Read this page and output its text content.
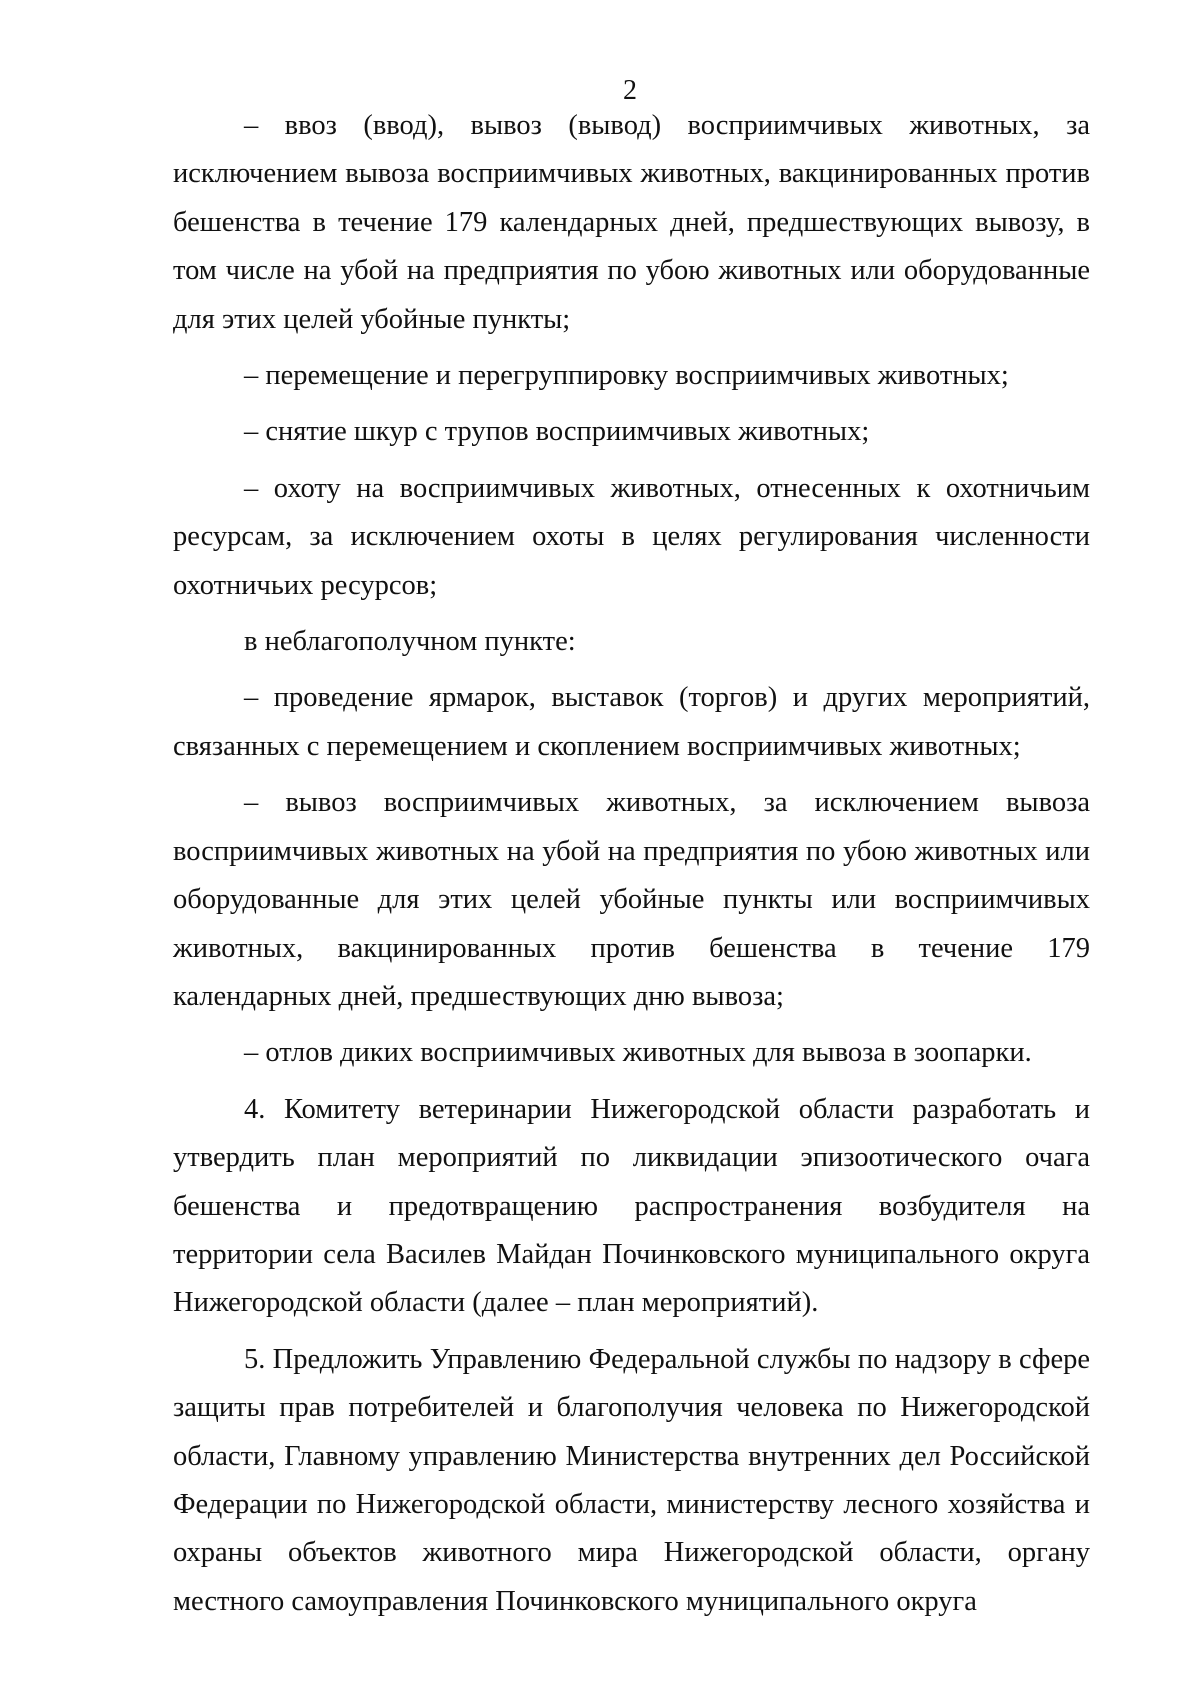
2

– ввоз (ввод), вывоз (вывод) восприимчивых животных, за исключением вывоза восприимчивых животных, вакцинированных против бешенства в течение 179 календарных дней, предшествующих вывозу, в том числе на убой на предприятия по убою животных или оборудованные для этих целей убойные пункты;

– перемещение и перегруппировку восприимчивых животных;

– снятие шкур с трупов восприимчивых животных;

– охоту на восприимчивых животных, отнесенных к охотничьим ресурсам, за исключением охоты в целях регулирования численности охотничьих ресурсов;

в неблагополучном пункте:

– проведение ярмарок, выставок (торгов) и других мероприятий, связанных с перемещением и скоплением восприимчивых животных;

– вывоз восприимчивых животных, за исключением вывоза восприимчивых животных на убой на предприятия по убою животных или оборудованные для этих целей убойные пункты или восприимчивых животных, вакцинированных против бешенства в течение 179 календарных дней, предшествующих дню вывоза;

– отлов диких восприимчивых животных для вывоза в зоопарки.

4. Комитету ветеринарии Нижегородской области разработать и утвердить план мероприятий по ликвидации эпизоотического очага бешенства и предотвращению распространения возбудителя на территории села Василев Майдан Починковского муниципального округа Нижегородской области (далее – план мероприятий).

5. Предложить Управлению Федеральной службы по надзору в сфере защиты прав потребителей и благополучия человека по Нижегородской области, Главному управлению Министерства внутренних дел Российской Федерации по Нижегородской области, министерству лесного хозяйства и охраны объектов животного мира Нижегородской области, органу местного самоуправления Починковского муниципального округа
